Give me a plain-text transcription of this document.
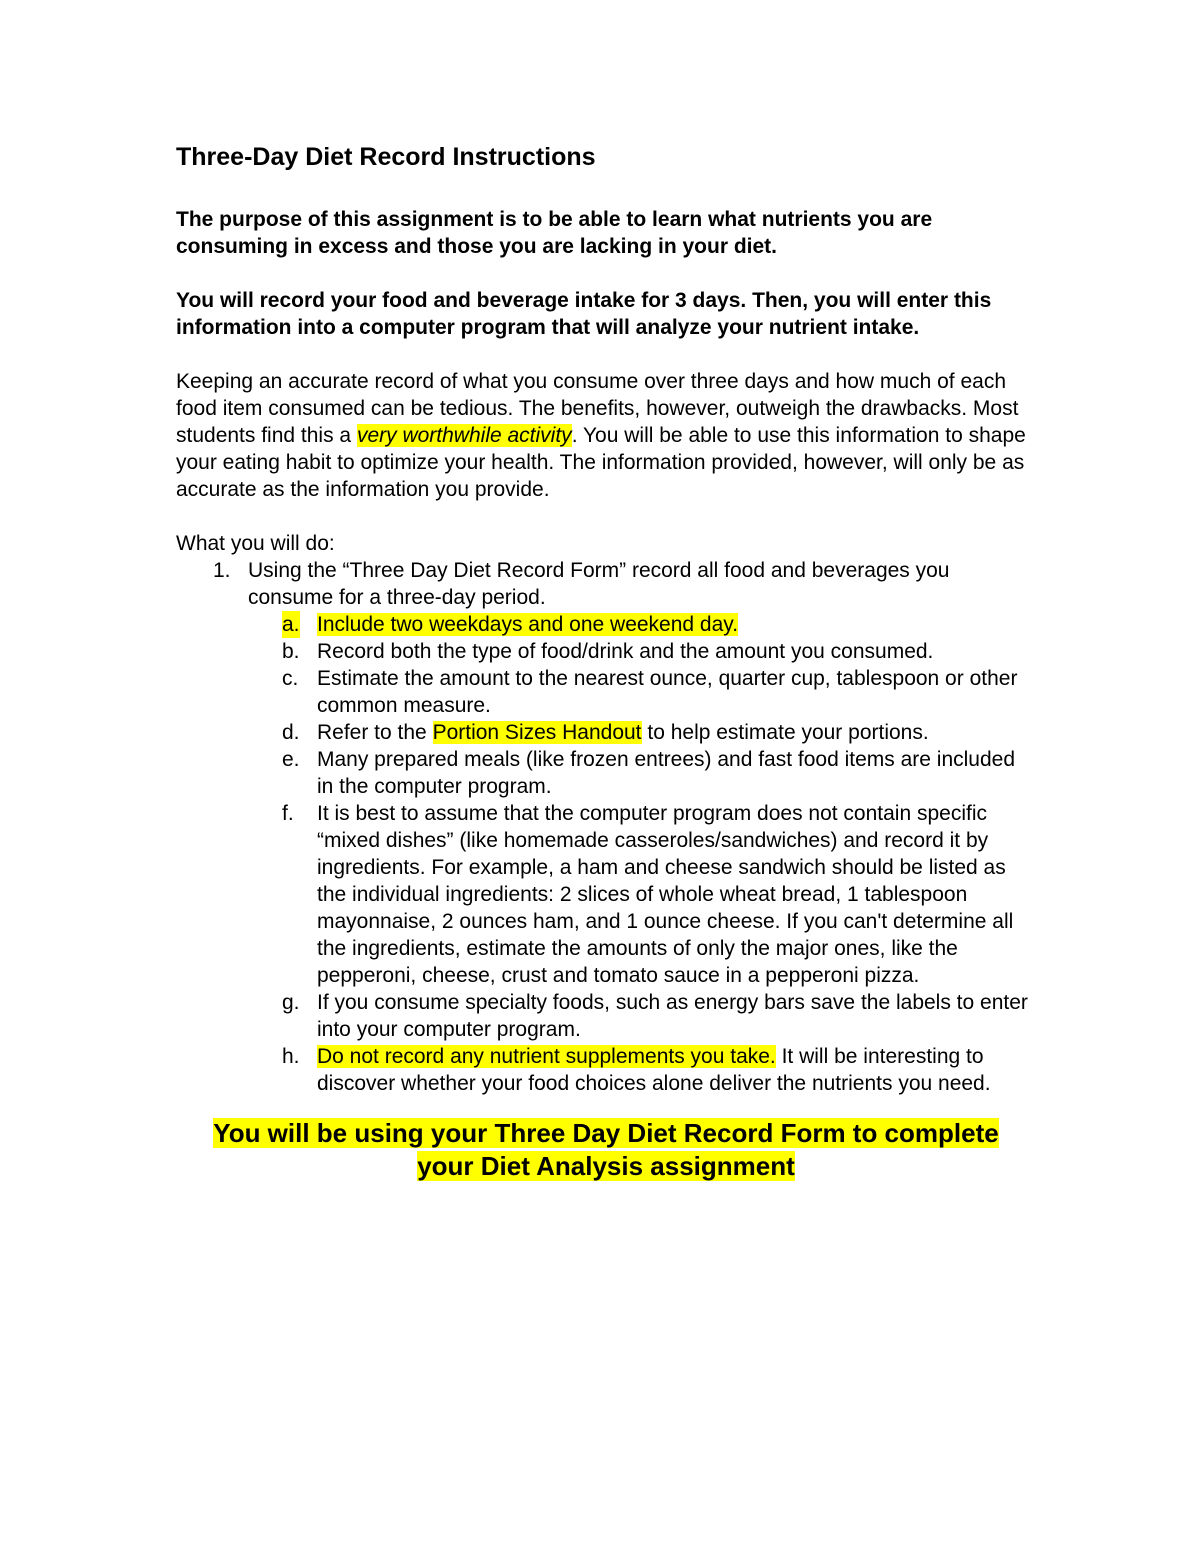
Three-Day Diet Record Instructions

The purpose of this assignment is to be able to learn what nutrients you are consuming in excess and those you are lacking in your diet.

You will record your food and beverage intake for 3 days. Then, you will enter this information into a computer program that will analyze your nutrient intake.

Keeping an accurate record of what you consume over three days and how much of each food item consumed can be tedious. The benefits, however, outweigh the drawbacks. Most students find this a very worthwhile activity. You will be able to use this information to shape your eating habit to optimize your health. The information provided, however, will only be as accurate as the information you provide.

What you will do:

1. Using the “Three Day Diet Record Form” record all food and beverages you consume for a three-day period.
a. Include two weekdays and one weekend day.
b. Record both the type of food/drink and the amount you consumed.
c. Estimate the amount to the nearest ounce, quarter cup, tablespoon or other common measure.
d. Refer to the Portion Sizes Handout to help estimate your portions.
e. Many prepared meals (like frozen entrees) and fast food items are included in the computer program.
f. It is best to assume that the computer program does not contain specific “mixed dishes” (like homemade casseroles/sandwiches) and record it by ingredients. For example, a ham and cheese sandwich should be listed as the individual ingredients: 2 slices of whole wheat bread, 1 tablespoon mayonnaise, 2 ounces ham, and 1 ounce cheese. If you can't determine all the ingredients, estimate the amounts of only the major ones, like the pepperoni, cheese, crust and tomato sauce in a pepperoni pizza.
g. If you consume specialty foods, such as energy bars save the labels to enter into your computer program.
h. Do not record any nutrient supplements you take. It will be interesting to discover whether your food choices alone deliver the nutrients you need.

You will be using your Three Day Diet Record Form to complete

your Diet Analysis assignment
